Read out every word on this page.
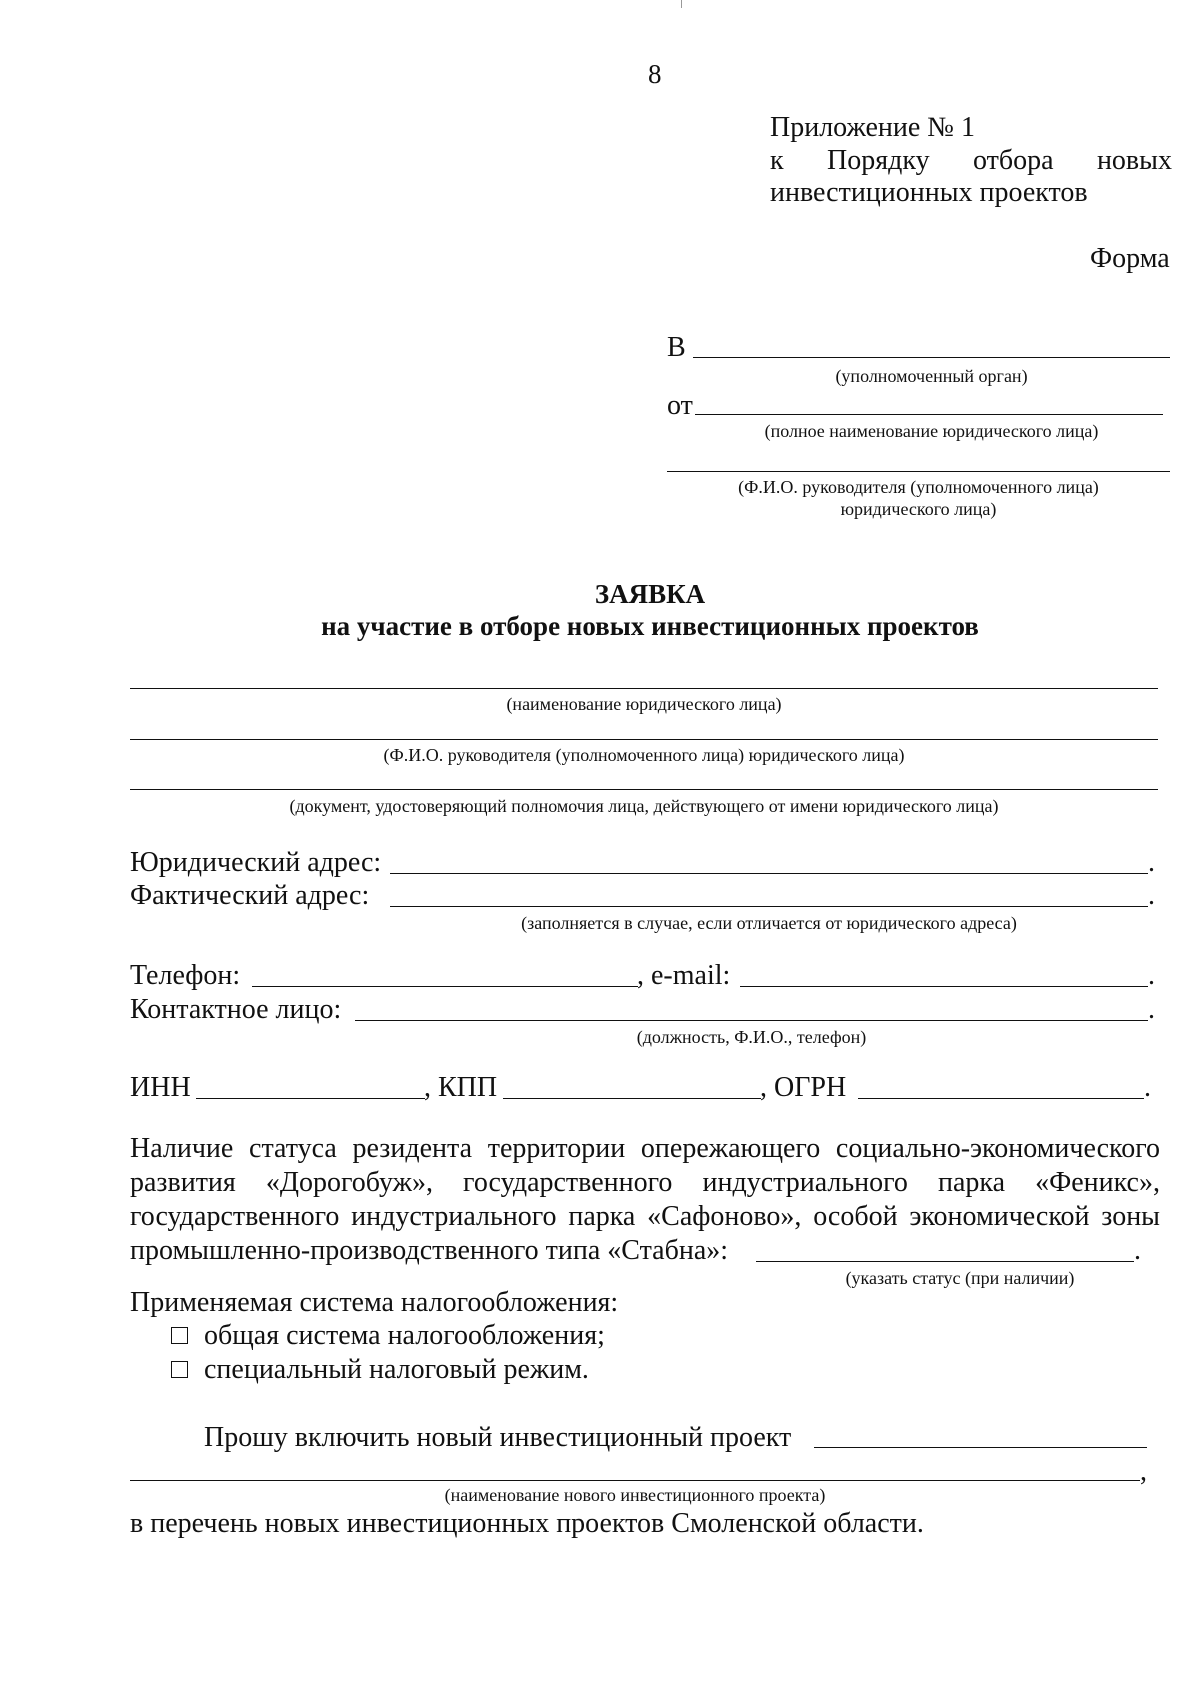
8
Приложение № 1
к Порядку отбора новых
инвестиционных проектов
Форма
В
(уполномоченный орган)
от
(полное наименование юридического лица)
(Ф.И.О. руководителя (уполномоченного лица)
юридического лица)
ЗАЯВКА
на участие в отборе новых инвестиционных проектов
(наименование юридического лица)
(Ф.И.О. руководителя (уполномоченного лица) юридического лица)
(документ, удостоверяющий полномочия лица, действующего от имени юридического лица)
Юридический адрес:	.
Фактический адрес:	.
(заполняется в случае, если отличается от юридического адреса)
Телефон:	, e-mail:	.
Контактное лицо:	.
(должность, Ф.И.О., телефон)
ИНН	, КПП	, ОГРН	.
Наличие статуса резидента территории опережающего социально-экономического
развития «Дорогобуж», государственного индустриального парка «Феникс»,
государственного индустриального парка «Сафоново», особой экономической зоны
промышленно-производственного типа «Стабна»:	.
(указать статус (при наличии)
Применяемая система налогообложения:
общая система налогообложения;
специальный налоговый режим.
Прошу включить новый инвестиционный проект
,
(наименование нового инвестиционного проекта)
в перечень новых инвестиционных проектов Смоленской области.
